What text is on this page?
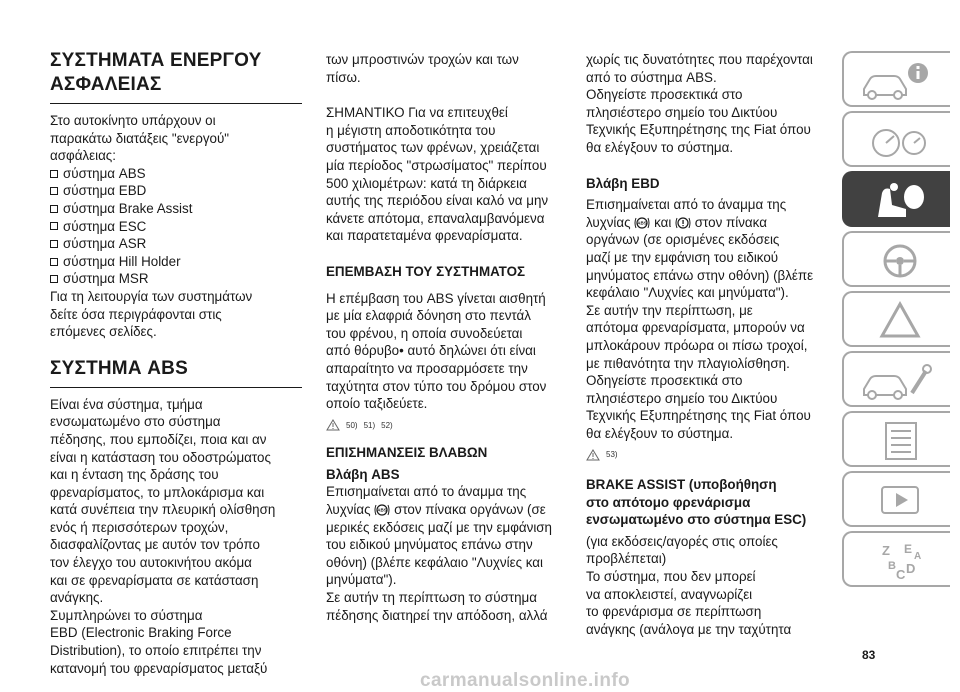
ΣΥΣΤΗΜΑΤΑ ΕΝΕΡΓΟΥ
ΑΣΦΑΛΕΙΑΣ
Στο αυτοκίνητο υπάρχουν οι
παρακάτω διατάξεις "ενεργού"
ασφάλειας:
σύστημα ABS
σύστημα EBD
σύστημα Brake Assist
σύστημα ESC
σύστημα ASR
σύστημα Hill Holder
σύστημα MSR
Για τη λειτουργία των συστημάτων
δείτε όσα περιγράφονται στις
επόμενες σελίδες.
ΣΥΣΤΗΜΑ ABS
Είναι ένα σύστημα, τμήμα
ενσωματωμένο στο σύστημα
πέδησης, που εμποδίζει, ποια και αν
είναι η κατάσταση του οδοστρώματος
και η ένταση της δράσης του
φρεναρίσματος, το μπλοκάρισμα και
κατά συνέπεια την πλευρική ολίσθηση
ενός ή περισσότερων τροχών,
διασφαλίζοντας με αυτόν τον τρόπο
τον έλεγχο του αυτοκινήτου ακόμα
και σε φρεναρίσματα σε κατάσταση
ανάγκης.
Συμπληρώνει το σύστημα
EBD (Electronic Braking Force
Distribution), το οποίο επιτρέπει την
κατανομή του φρεναρίσματος μεταξύ
των μπροστινών τροχών και των
πίσω.
ΣΗΜΑΝΤΙΚΟ Για να επιτευχθεί
η μέγιστη αποδοτικότητα του
συστήματος των φρένων, χρειάζεται
μία περίοδος "στρωσίματος" περίπου
500 χιλιομέτρων: κατά τη διάρκεια
αυτής της περιόδου είναι καλό να μην
κάνετε απότομα, επαναλαμβανόμενα
και παρατεταμένα φρεναρίσματα.
ΕΠΕΜΒΑΣΗ ΤΟΥ ΣΥΣΤΗΜΑΤΟΣ
Η επέμβαση του ABS γίνεται αισθητή
με μία ελαφριά δόνηση στο πεντάλ
του φρένου, η οποία συνοδεύεται
από θόρυβο• αυτό δηλώνει ότι είναι
απαραίτητο να προσαρμόσετε την
ταχύτητα στον τύπο του δρόμου στον
οποίο ταξιδεύετε.
50) 51) 52)
ΕΠΙΣΗΜΑΝΣΕΙΣ ΒΛΑΒΩΝ
Βλάβη ABS
Επισημαίνεται από το άναμμα της
λυχνίας ABS στον πίνακα οργάνων (σε
μερικές εκδόσεις μαζί με την εμφάνιση
του ειδικού μηνύματος επάνω στην
οθόνη) (βλέπε κεφάλαιο "Λυχνίες και
μηνύματα").
Σε αυτήν τη περίπτωση το σύστημα
πέδησης διατηρεί την απόδοση, αλλά
χωρίς τις δυνατότητες που παρέχονται
από το σύστημα ABS.
Οδηγείστε προσεκτικά στο
πλησιέστερο σημείο του Δικτύου
Τεχνικής Εξυπηρέτησης της Fiat όπου
θα ελέγξουν το σύστημα.
Βλάβη EBD
Επισημαίνεται από το άναμμα της
λυχνίας ABS και στον πίνακα
οργάνων (σε ορισμένες εκδόσεις
μαζί με την εμφάνιση του ειδικού
μηνύματος επάνω στην οθόνη) (βλέπε
κεφάλαιο "Λυχνίες και μηνύματα").
Σε αυτήν την περίπτωση, με
απότομα φρεναρίσματα, μπορούν να
μπλοκάρουν πρόωρα οι πίσω τροχοί,
με πιθανότητα την πλαγιολίσθηση.
Οδηγείστε προσεκτικά στο
πλησιέστερο σημείο του Δικτύου
Τεχνικής Εξυπηρέτησης της Fiat όπου
θα ελέγξουν το σύστημα.
53)
BRAKE ASSIST (υποβοήθηση
στο απότομο φρενάρισμα
ενσωματωμένο στο σύστημα ESC)
(για εκδόσεις/αγορές στις οποίες
προβλέπεται)
Το σύστημα, που δεν μπορεί
να αποκλειστεί, αναγνωρίζει
το φρενάρισμα σε περίπτωση
ανάγκης (ανάλογα με την ταχύτητα
Z E
A
B D
C
83
carmanualsonline.info
